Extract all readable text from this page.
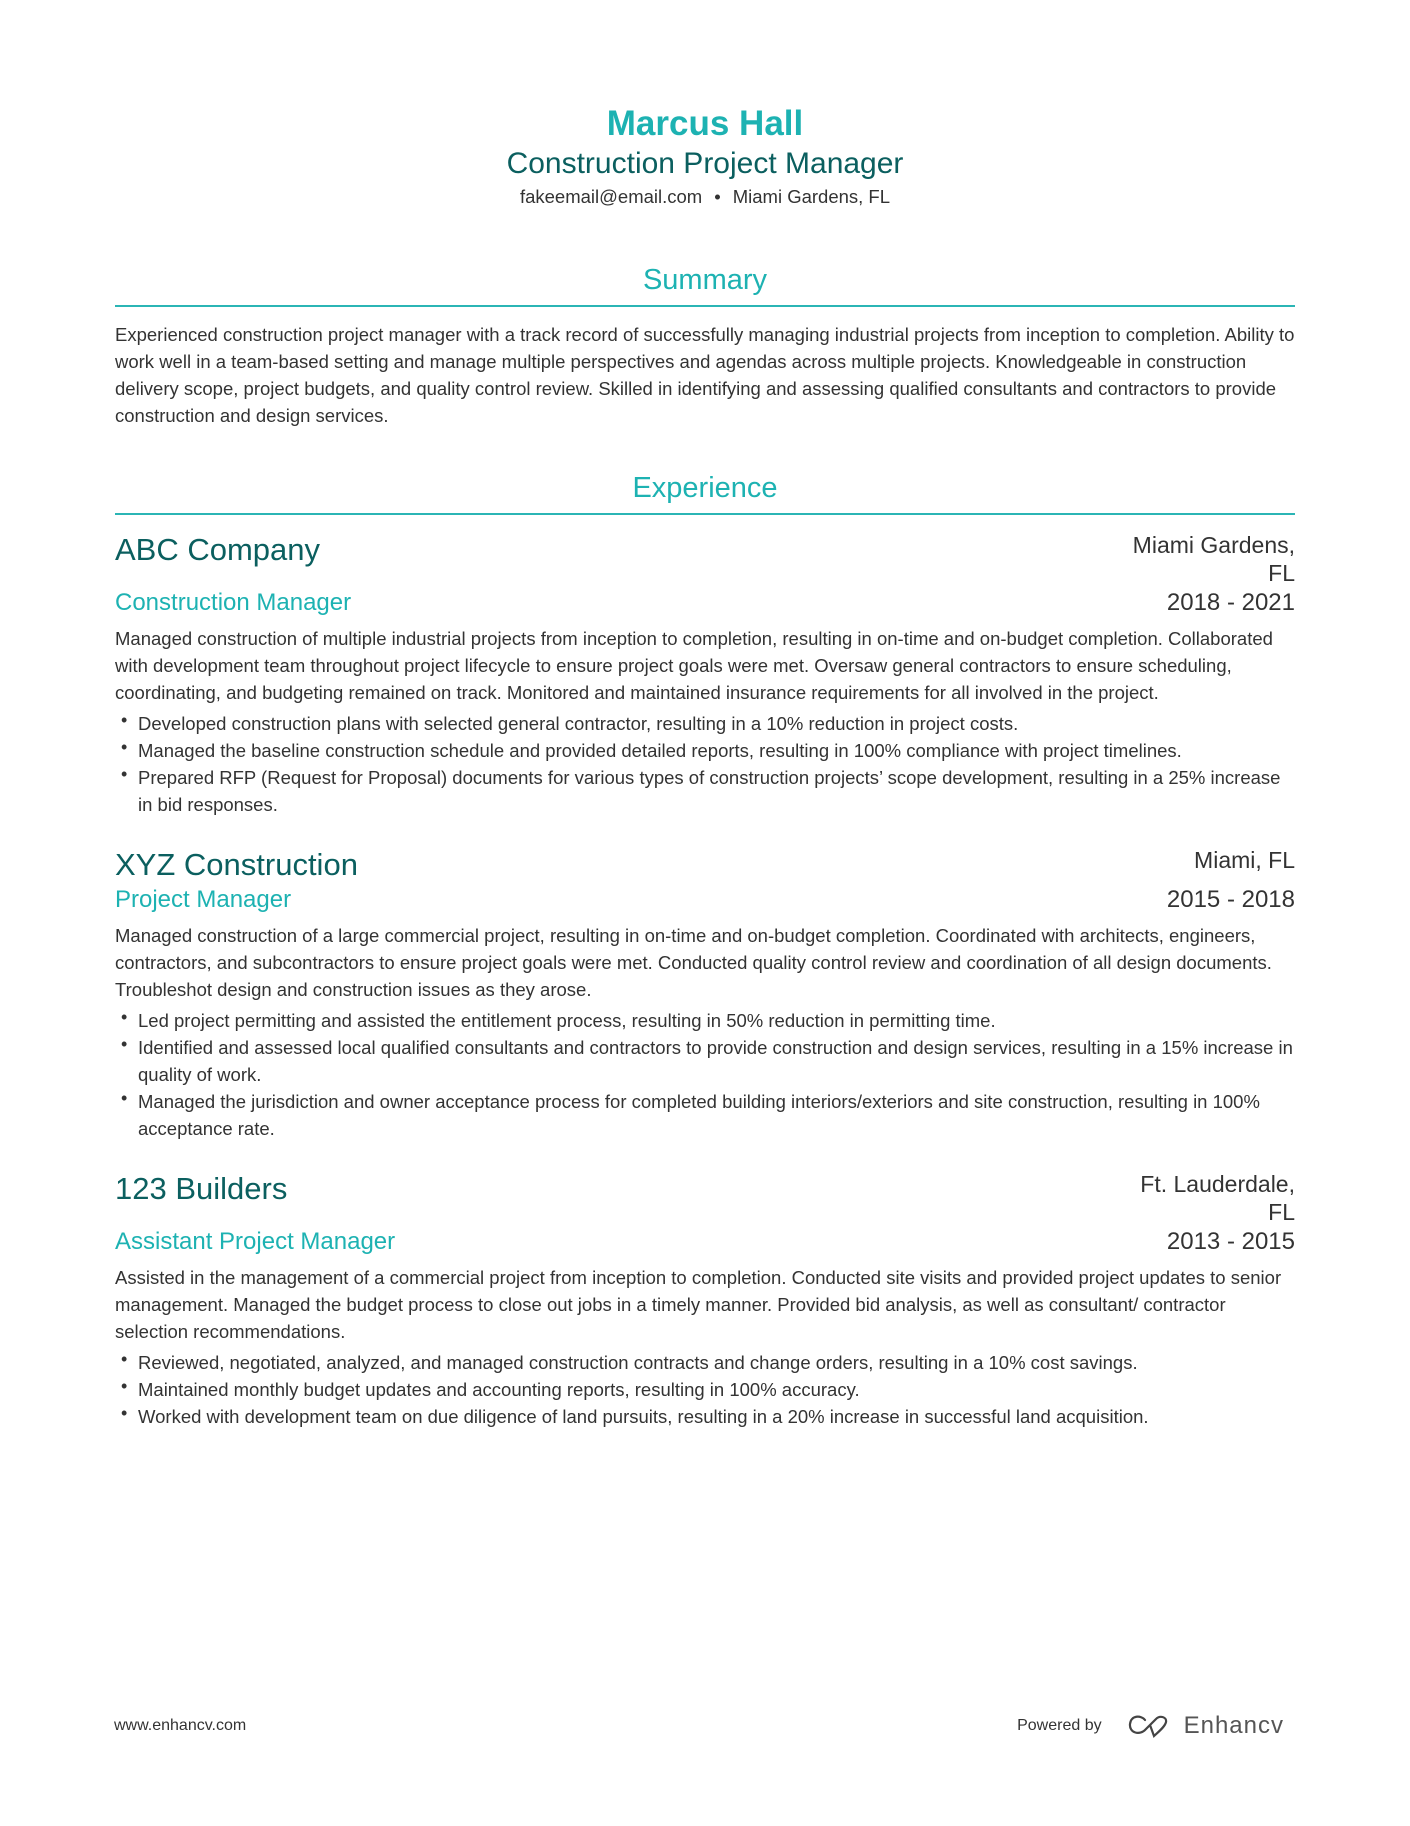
Marcus Hall
Construction Project Manager
fakeemail@email.com • Miami Gardens, FL
Summary
Experienced construction project manager with a track record of successfully managing industrial projects from inception to completion. Ability to work well in a team-based setting and manage multiple perspectives and agendas across multiple projects. Knowledgeable in construction delivery scope, project budgets, and quality control review. Skilled in identifying and assessing qualified consultants and contractors to provide construction and design services.
Experience
ABC Company	Miami Gardens, FL
Construction Manager	2018 - 2021
Managed construction of multiple industrial projects from inception to completion, resulting in on-time and on-budget completion. Collaborated with development team throughout project lifecycle to ensure project goals were met. Oversaw general contractors to ensure scheduling, coordinating, and budgeting remained on track. Monitored and maintained insurance requirements for all involved in the project.
• Developed construction plans with selected general contractor, resulting in a 10% reduction in project costs.
• Managed the baseline construction schedule and provided detailed reports, resulting in 100% compliance with project timelines.
• Prepared RFP (Request for Proposal) documents for various types of construction projects’ scope development, resulting in a 25% increase in bid responses.
XYZ Construction	Miami, FL
Project Manager	2015 - 2018
Managed construction of a large commercial project, resulting in on-time and on-budget completion. Coordinated with architects, engineers, contractors, and subcontractors to ensure project goals were met. Conducted quality control review and coordination of all design documents. Troubleshot design and construction issues as they arose.
• Led project permitting and assisted the entitlement process, resulting in 50% reduction in permitting time.
• Identified and assessed local qualified consultants and contractors to provide construction and design services, resulting in a 15% increase in quality of work.
• Managed the jurisdiction and owner acceptance process for completed building interiors/exteriors and site construction, resulting in 100% acceptance rate.
123 Builders	Ft. Lauderdale, FL
Assistant Project Manager	2013 - 2015
Assisted in the management of a commercial project from inception to completion. Conducted site visits and provided project updates to senior management. Managed the budget process to close out jobs in a timely manner. Provided bid analysis, as well as consultant/ contractor selection recommendations.
• Reviewed, negotiated, analyzed, and managed construction contracts and change orders, resulting in a 10% cost savings.
• Maintained monthly budget updates and accounting reports, resulting in 100% accuracy.
• Worked with development team on due diligence of land pursuits, resulting in a 20% increase in successful land acquisition.
www.enhancv.com	Powered by	Enhancv
